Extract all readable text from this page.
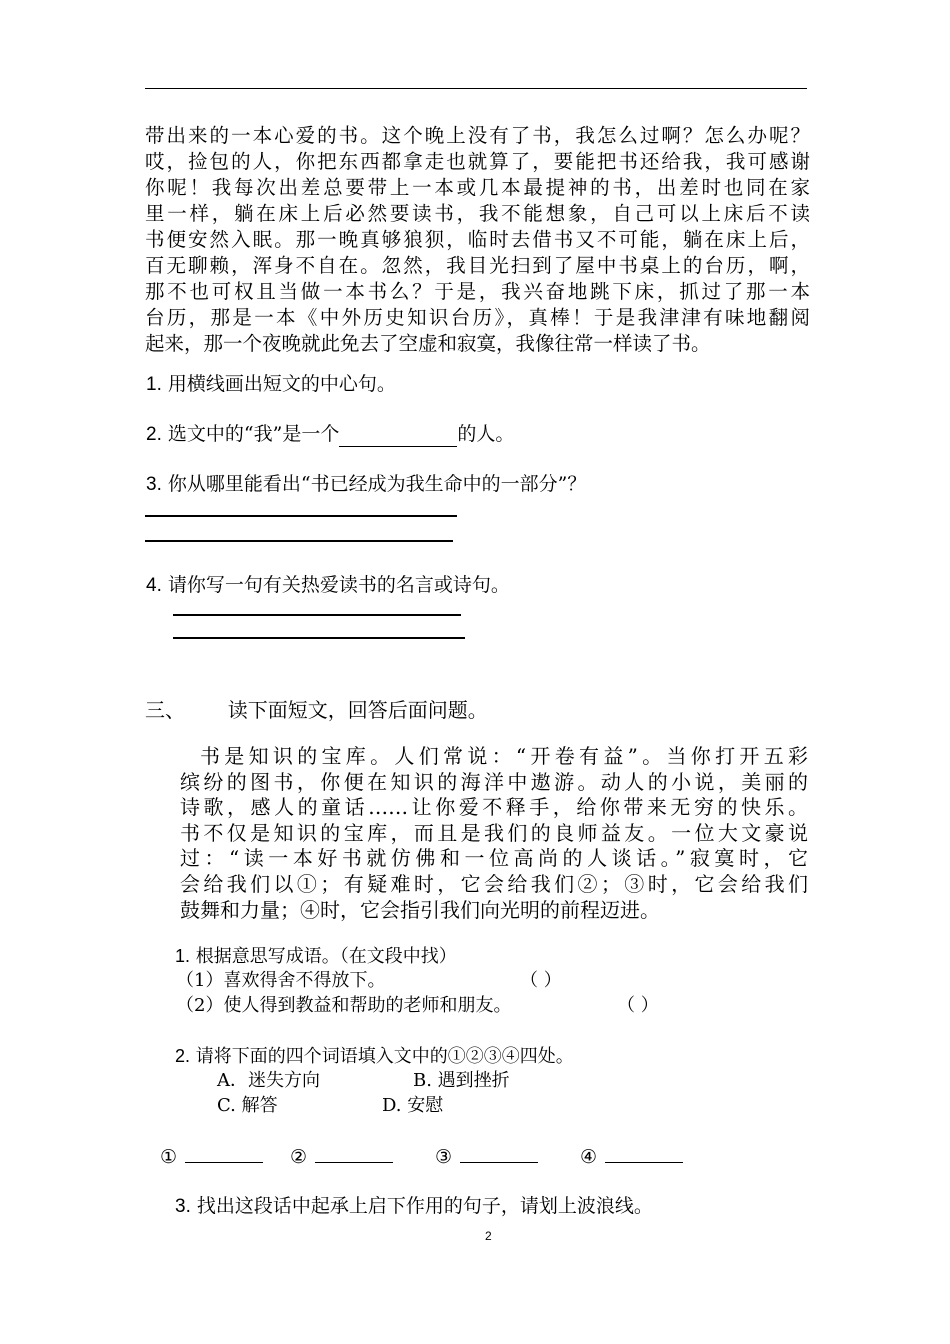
带出来的一本心爱的书。这个晚上没有了书，我怎么过啊？怎么办呢？
哎，捡包的人，你把东西都拿走也就算了，要能把书还给我，我可感谢
你呢！我每次出差总要带上一本或几本最提神的书，出差时也同在家
里一样，躺在床上后必然要读书，我不能想象，自己可以上床后不读
书便安然入眠。那一晚真够狼狈，临时去借书又不可能，躺在床上后，
百无聊赖，浑身不自在。忽然，我目光扫到了屋中书桌上的台历，啊，
那不也可权且当做一本书么？于是，我兴奋地跳下床，抓过了那一本
台历，那是一本《中外历史知识台历》，真棒！于是我津津有味地翻阅
起来，那一个夜晚就此免去了空虚和寂寞，我像往常一样读了书。
1. 用横线画出短文的中心句。
2. 选文中的“我”是一个	的人。
3. 你从哪里能看出“书已经成为我生命中的一部分”？
4. 请你写一句有关热爱读书的名言或诗句。
三、 读下面短文，回答后面问题。
书是知识的宝库。人们常说：“开卷有益”。当你打开五彩
缤纷的图书，你便在知识的海洋中遨游。动人的小说，美丽的
诗歌，感人的童话……让你爱不释手，给你带来无穷的快乐。
书不仅是知识的宝库，而且是我们的良师益友。一位大文豪说
过：“读一本好书就仿佛和一位高尚的人谈话。”寂寞时，它
会给我们以①；有疑难时，它会给我们②；③时，它会给我们
鼓舞和力量；④时，它会指引我们向光明的前程迈进。
1. 根据意思写成语。（在文段中找）
（1）喜欢得舍不得放下。	（ ）
（2）使人得到教益和帮助的老师和朋友。	（ ）
2. 请将下面的四个词语填入文中的①②③④四处。
A．迷失方向	B. 遇到挫折
C. 解答	D. 安慰
①	②	③	④
3. 找出这段话中起承上启下作用的句子，请划上波浪线。
2
